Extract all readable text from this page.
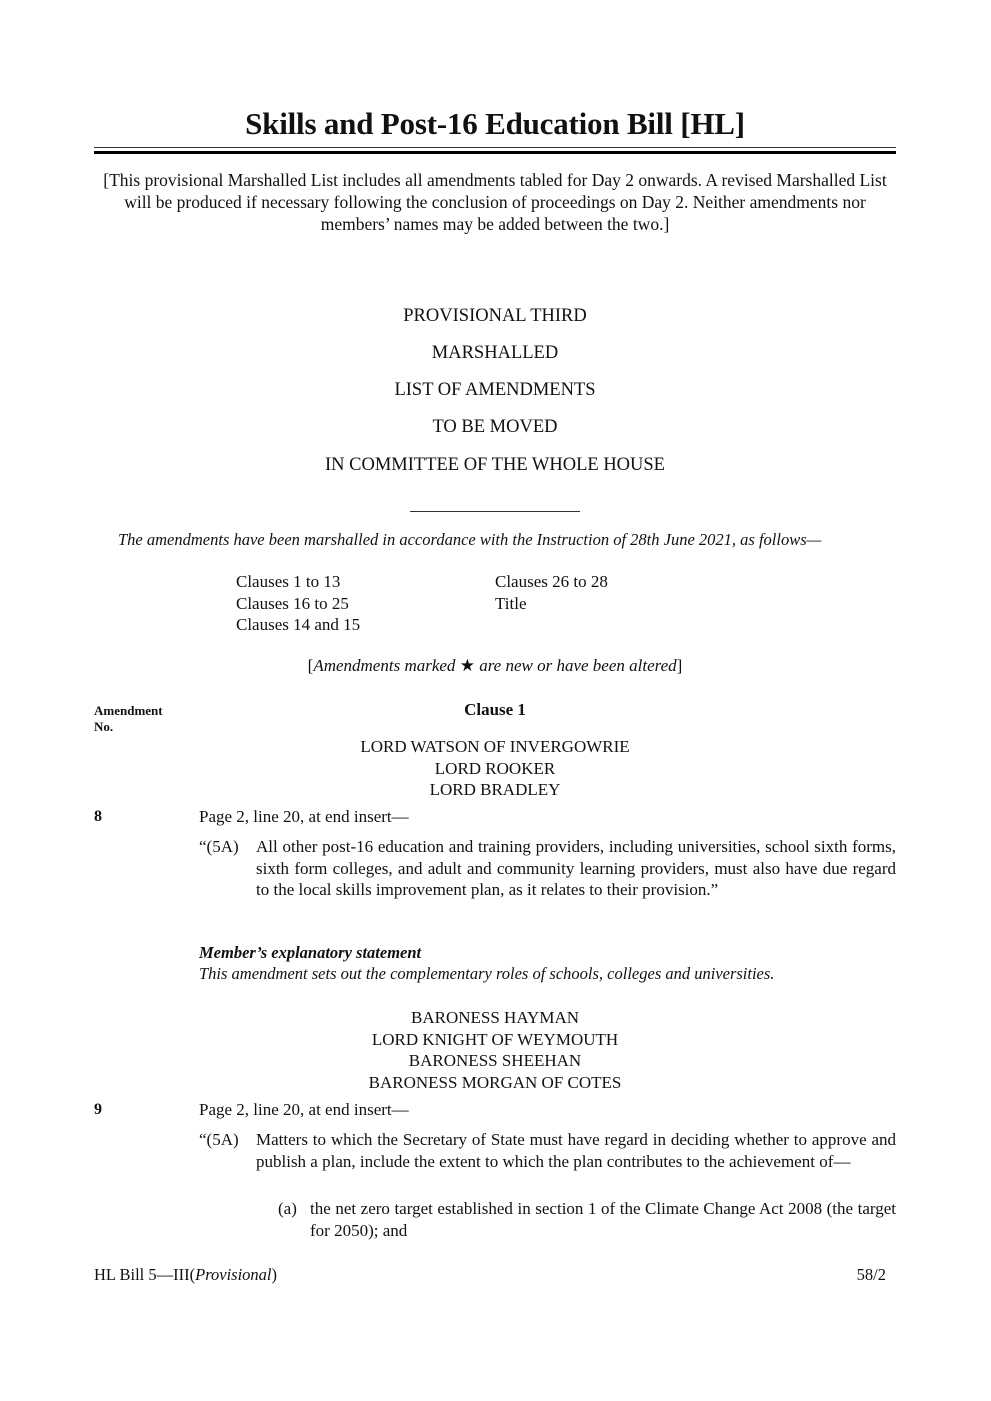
Skills and Post-16 Education Bill [HL]
[This provisional Marshalled List includes all amendments tabled for Day 2 onwards. A revised Marshalled List will be produced if necessary following the conclusion of proceedings on Day 2. Neither amendments nor members’ names may be added between the two.]
PROVISIONAL THIRD
MARSHALLED
LIST OF AMENDMENTS
TO BE MOVED
IN COMMITTEE OF THE WHOLE HOUSE
The amendments have been marshalled in accordance with the Instruction of 28th June 2021, as follows—
Clauses 1 to 13
Clauses 16 to 25
Clauses 14 and 15
Clauses 26 to 28
Title
[Amendments marked ★ are new or have been altered]
Amendment
No.
Clause 1
LORD WATSON OF INVERGOWRIE
LORD ROOKER
LORD BRADLEY
8	Page 2, line 20, at end insert—
“(5A) All other post-16 education and training providers, including universities, school sixth forms, sixth form colleges, and adult and community learning providers, must also have due regard to the local skills improvement plan, as it relates to their provision.”
Member’s explanatory statement
This amendment sets out the complementary roles of schools, colleges and universities.
BARONESS HAYMAN
LORD KNIGHT OF WEYMOUTH
BARONESS SHEEHAN
BARONESS MORGAN OF COTES
9	Page 2, line 20, at end insert—
“(5A) Matters to which the Secretary of State must have regard in deciding whether to approve and publish a plan, include the extent to which the plan contributes to the achievement of—
(a) the net zero target established in section 1 of the Climate Change Act 2008 (the target for 2050); and
HL Bill 5—III(Provisional)	58/2
